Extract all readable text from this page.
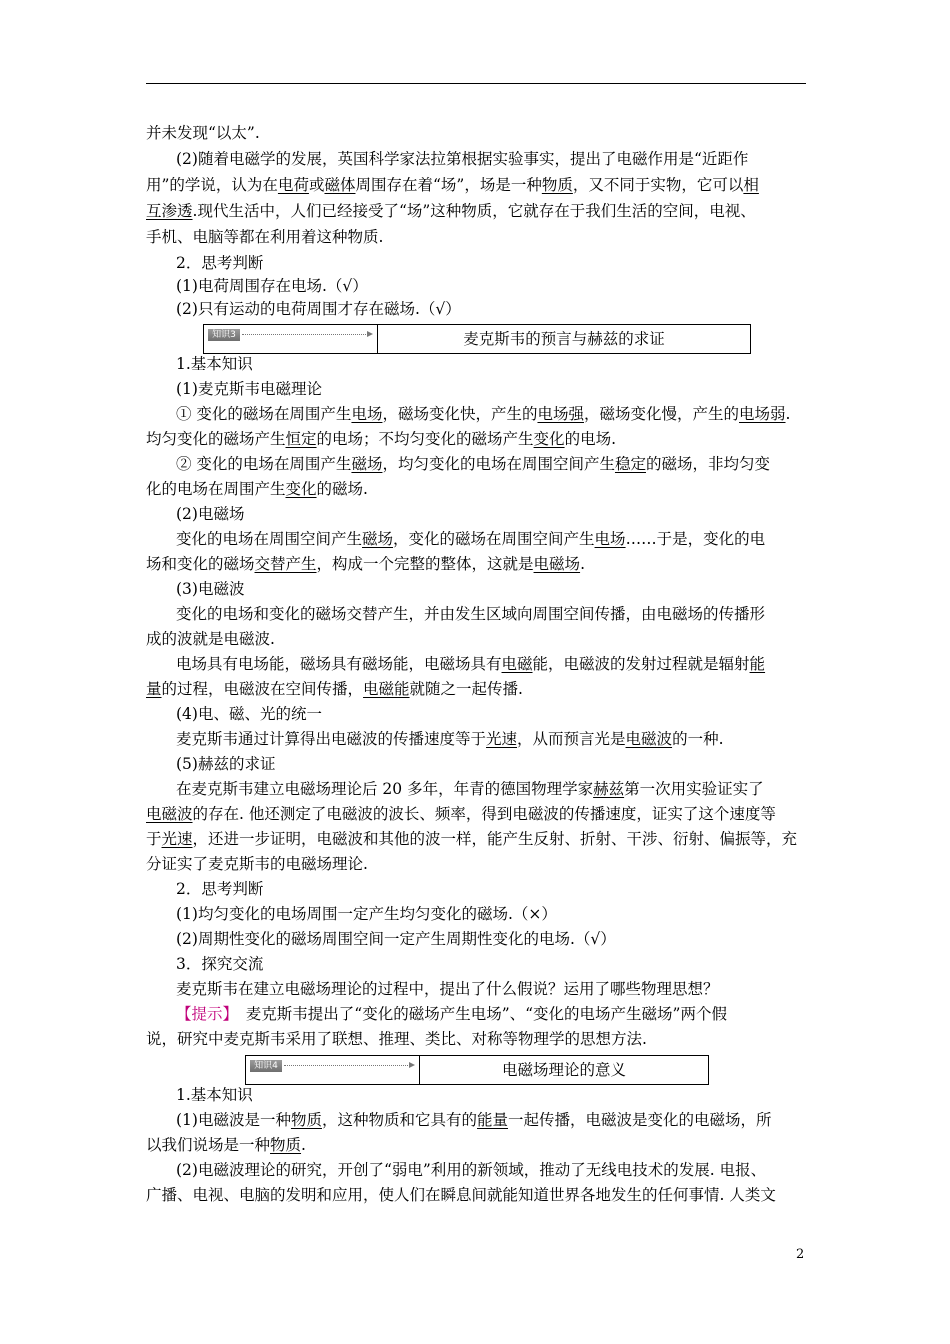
并未发现“以太”.
(2)随着电磁学的发展，英国科学家法拉第根据实验事实，提出了电磁作用是“近距作
用”的学说，认为在电荷或磁体周围存在着“场”，场是一种物质，又不同于实物，它可以相
互渗透.现代生活中，人们已经接受了“场”这种物质，它就存在于我们生活的空间，电视、
手机、电脑等都在利用着这种物质.
2．思考判断
(1)电荷周围存在电场.（√）
(2)只有运动的电荷周围才存在磁场.（√）
知识3	麦克斯韦的预言与赫兹的求证
1.基本知识
(1)麦克斯韦电磁理论
① 变化的磁场在周围产生电场，磁场变化快，产生的电场强，磁场变化慢，产生的电场弱.
均匀变化的磁场产生恒定的电场；不均匀变化的磁场产生变化的电场.
② 变化的电场在周围产生磁场，均匀变化的电场在周围空间产生稳定的磁场，非均匀变
化的电场在周围产生变化的磁场.
(2)电磁场
变化的电场在周围空间产生磁场，变化的磁场在周围空间产生电场……于是，变化的电
场和变化的磁场交替产生，构成一个完整的整体，这就是电磁场.
(3)电磁波
变化的电场和变化的磁场交替产生，并由发生区域向周围空间传播，由电磁场的传播形
成的波就是电磁波.
电场具有电场能，磁场具有磁场能，电磁场具有电磁能，电磁波的发射过程就是辐射能
量的过程，电磁波在空间传播，电磁能就随之一起传播.
(4)电、磁、光的统一
麦克斯韦通过计算得出电磁波的传播速度等于光速，从而预言光是电磁波的一种.
(5)赫兹的求证
在麦克斯韦建立电磁场理论后 20 多年，年青的德国物理学家赫兹第一次用实验证实了
电磁波的存在. 他还测定了电磁波的波长、频率，得到电磁波的传播速度，证实了这个速度等
于光速，还进一步证明，电磁波和其他的波一样，能产生反射、折射、干涉、衍射、偏振等，充
分证实了麦克斯韦的电磁场理论.
2．思考判断
(1)均匀变化的电场周围一定产生均匀变化的磁场.（×）
(2)周期性变化的磁场周围空间一定产生周期性变化的电场.（√）
3．探究交流
麦克斯韦在建立电磁场理论的过程中，提出了什么假说？运用了哪些物理思想？
【提示】　麦克斯韦提出了“变化的磁场产生电场”、“变化的电场产生磁场”两个假
说，研究中麦克斯韦采用了联想、推理、类比、对称等物理学的思想方法.
知识4	电磁场理论的意义
1.基本知识
(1)电磁波是一种物质，这种物质和它具有的能量一起传播，电磁波是变化的电磁场，所
以我们说场是一种物质.
(2)电磁波理论的研究，开创了“弱电”利用的新领域，推动了无线电技术的发展. 电报、
广播、电视、电脑的发明和应用，使人们在瞬息间就能知道世界各地发生的任何事情. 人类文
2
